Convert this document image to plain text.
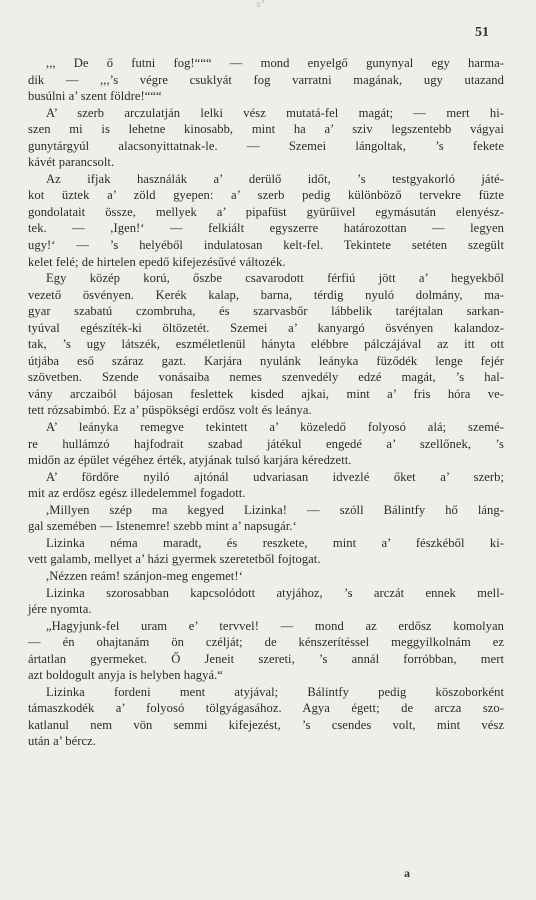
ș°
51
,,, De ő futni fog!“““ — mond enyelgő gunynyal egy harma-
dik — ,,,’s végre csuklyát fog varratni magának, ugy utazand
busúlni a’ szent földre!“““
A’ szerb arczulatján lelki vész mutatá-fel magát; — mert hi-
szen mi is lehetne kinosabb, mint ha a’ sziv legszentebb vágyai
gunytárgyúl alacsonyittatnak-le. — Szemei lángoltak, ’s fekete
kávét parancsolt.
Az ifjak használák a’ derülő időt, ’s testgyakorló játé-
kot üztek a’ zöld gyepen: a’ szerb pedig különböző tervekre füzte
gondolatait össze, mellyek a’ pipafüst gyürűivel egymásután elenyész-
tek. — ,Igen!‘ — felkiált egyszerre határozottan — legyen
ugy!‘ — ’s helyéből indulatosan kelt-fel. Tekintete setéten szegült
kelet felé; de hirtelen epedő kifejezésűvé változék.
Egy közép korú, őszbe csavarodott férfiú jött a’ hegyekből
vezető ösvényen. Kerék kalap, barna, térdig nyuló dolmány, ma-
gyar szabatú czombruha, és szarvasbőr lábbelik taréjtalan sarkan-
tyúval egészíték-ki öltözetét. Szemei a’ kanyargó ösvényen kalandoz-
tak, ’s ugy látszék, eszméletlenül hányta elébbre pálczájával az itt ott
útjába eső száraz gazt. Karjára nyulánk leányka füződék lenge fejér
szövetben. Szende vonásaiba nemes szenvedély edzé magát, ’s hal-
vány arczaiból bájosan feslettek kisded ajkai, mint a’ fris hóra ve-
tett rózsabimbó. Ez a’ püspökségi erdősz volt és leánya.
A’ leányka remegve tekintett a’ közeledő folyosó alá; szemé-
re hullámzó hajfodrait szabad játékul engedé a’ szellőnek, ’s
midőn az épület végéhez érték, atyjának tulsó karjára kéredzett.
A’ fördőre nyiló ajtónál udvariasan idvezlé őket a’ szerb;
mit az erdősz egész illedelemmel fogadott.
,Millyen szép ma kegyed Lizinka! — szóll Bálintfy hő láng-
gal szemében — Istenemre! szebb mint a’ napsugár.‘
Lizinka néma maradt, és reszkete, mint a’ fészkéből ki-
vett galamb, mellyet a’ házi gyermek szeretetből fojtogat.
,Nézzen reám! szánjon-meg engemet!‘
Lizinka szorosabban kapcsolódott atyjához, ’s arczát ennek mell-
jére nyomta.
„Hagyjunk-fel uram e’ tervvel! — mond az erdősz komolyan
— én ohajtanám ön czélját; de kénszerítéssel meggyilkolnám ez
ártatlan gyermeket. Ő Jeneit szereti, ’s annál forróbban, mert
azt boldogult anyja is helyben hagyá.“
Lizinka fordeni ment atyjával; Bálintfy pedig köszoborként
támaszkodék a’ folyosó tölgyágasához. Agya égett; de arcza szo-
katlanul nem vön semmi kifejezést, ’s csendes volt, mint vész
után a’ bércz.
a
